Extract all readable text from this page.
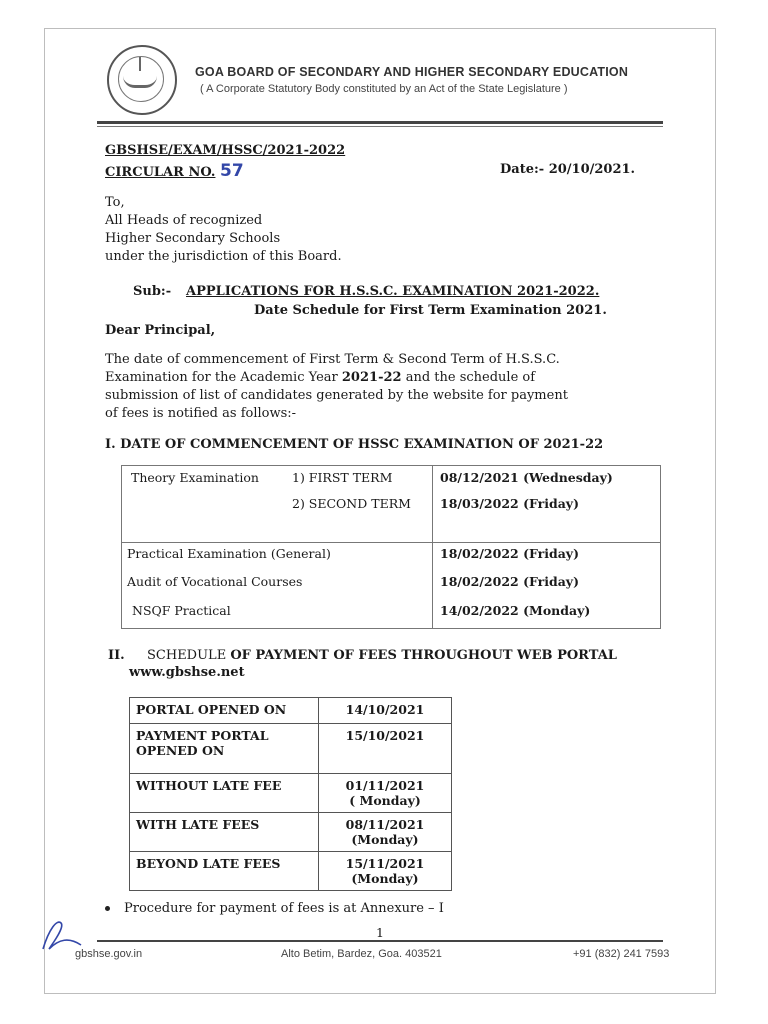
GOA BOARD OF SECONDARY AND HIGHER SECONDARY EDUCATION
( A Corporate Statutory Body constituted by an Act of the State Legislature )
GBSHSE/EXAM/HSSC/2021-2022
CIRCULAR NO. 57	Date:- 20/10/2021.
To,
All Heads of recognized
Higher Secondary Schools
under the jurisdiction of this Board.
Sub:- APPLICATIONS FOR H.S.S.C. EXAMINATION 2021-2022.
Date Schedule for First Term Examination 2021.
Dear Principal,
The date of commencement of First Term & Second Term of H.S.S.C.
Examination for the Academic Year 2021-22 and the schedule of
submission of list of candidates generated by the website for payment
of fees is notified as follows:-
I. DATE OF COMMENCEMENT OF HSSC EXAMINATION OF 2021-22
Theory Examination	1) FIRST TERM	08/12/2021 (Wednesday)
2) SECOND TERM 18/03/2022 (Friday)
Practical Examination (General)	18/02/2022 (Friday)
Audit of Vocational Courses	18/02/2022 (Friday)
NSQF Practical	14/02/2022 (Monday)
II. SCHEDULE OF PAYMENT OF FEES THROUGHOUT WEB PORTAL
www.gbshse.net
PORTAL OPENED ON	14/10/2021
PAYMENT PORTAL OPENED ON	15/10/2021
WITHOUT LATE FEE	01/11/2021
( Monday)

WITH LATE FEES	08/11/2021
(Monday)

BEYOND LATE FEES	15/11/2021
(Monday)
Procedure for payment of fees is at Annexure – I
1
gbshse.gov.in	Alto Betim, Bardez, Goa. 403521	+91 (832) 241 7593
